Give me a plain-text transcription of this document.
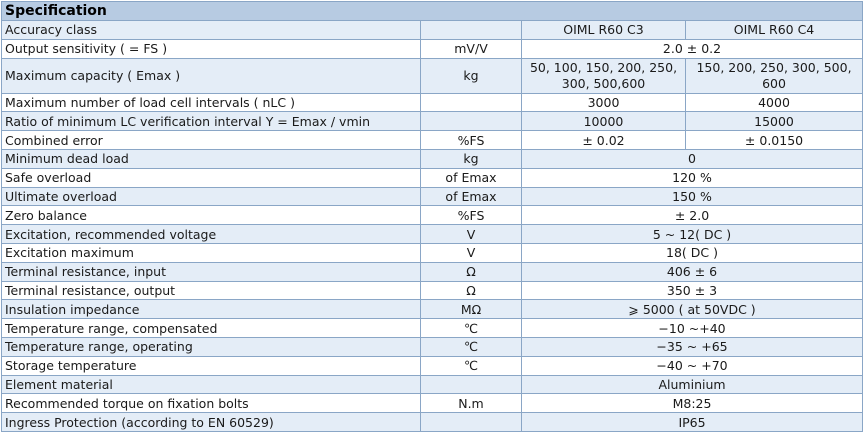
Specification			
Accuracy class		OIML R60 C3	OIML R60 C4
Output sensitivity ( = FS )	mV/V	2.0 ± 0.2	
Maximum capacity ( Emax )	kg	50, 100, 150, 200, 250, 300, 500,600	150, 200, 250, 300, 500, 600
Maximum number of load cell intervals ( nLC )		3000	4000
Ratio of minimum LC verification interval Y = Emax / vmin		10000	15000
Combined error	%FS	± 0.02	± 0.0150
Minimum dead load	kg	0	
Safe overload	of Emax	120 %	
Ultimate overload	of Emax	150 %	
Zero balance	%FS	± 2.0	
Excitation, recommended voltage	V	5 ~ 12( DC )	
Excitation maximum	V	18( DC )	
Terminal resistance, input	Ω	406 ± 6	
Terminal resistance, output	Ω	350 ± 3	
Insulation impedance	MΩ	⩾ 5000 ( at 50VDC )	
Temperature range, compensated	℃	−10 ~+40	
Temperature range, operating	℃	−35 ~ +65	
Storage temperature	℃	−40 ~ +70	
Element material		Aluminium	
Recommended torque on fixation bolts	N.m	M8:25	
Ingress Protection (according to EN 60529)		IP65	
